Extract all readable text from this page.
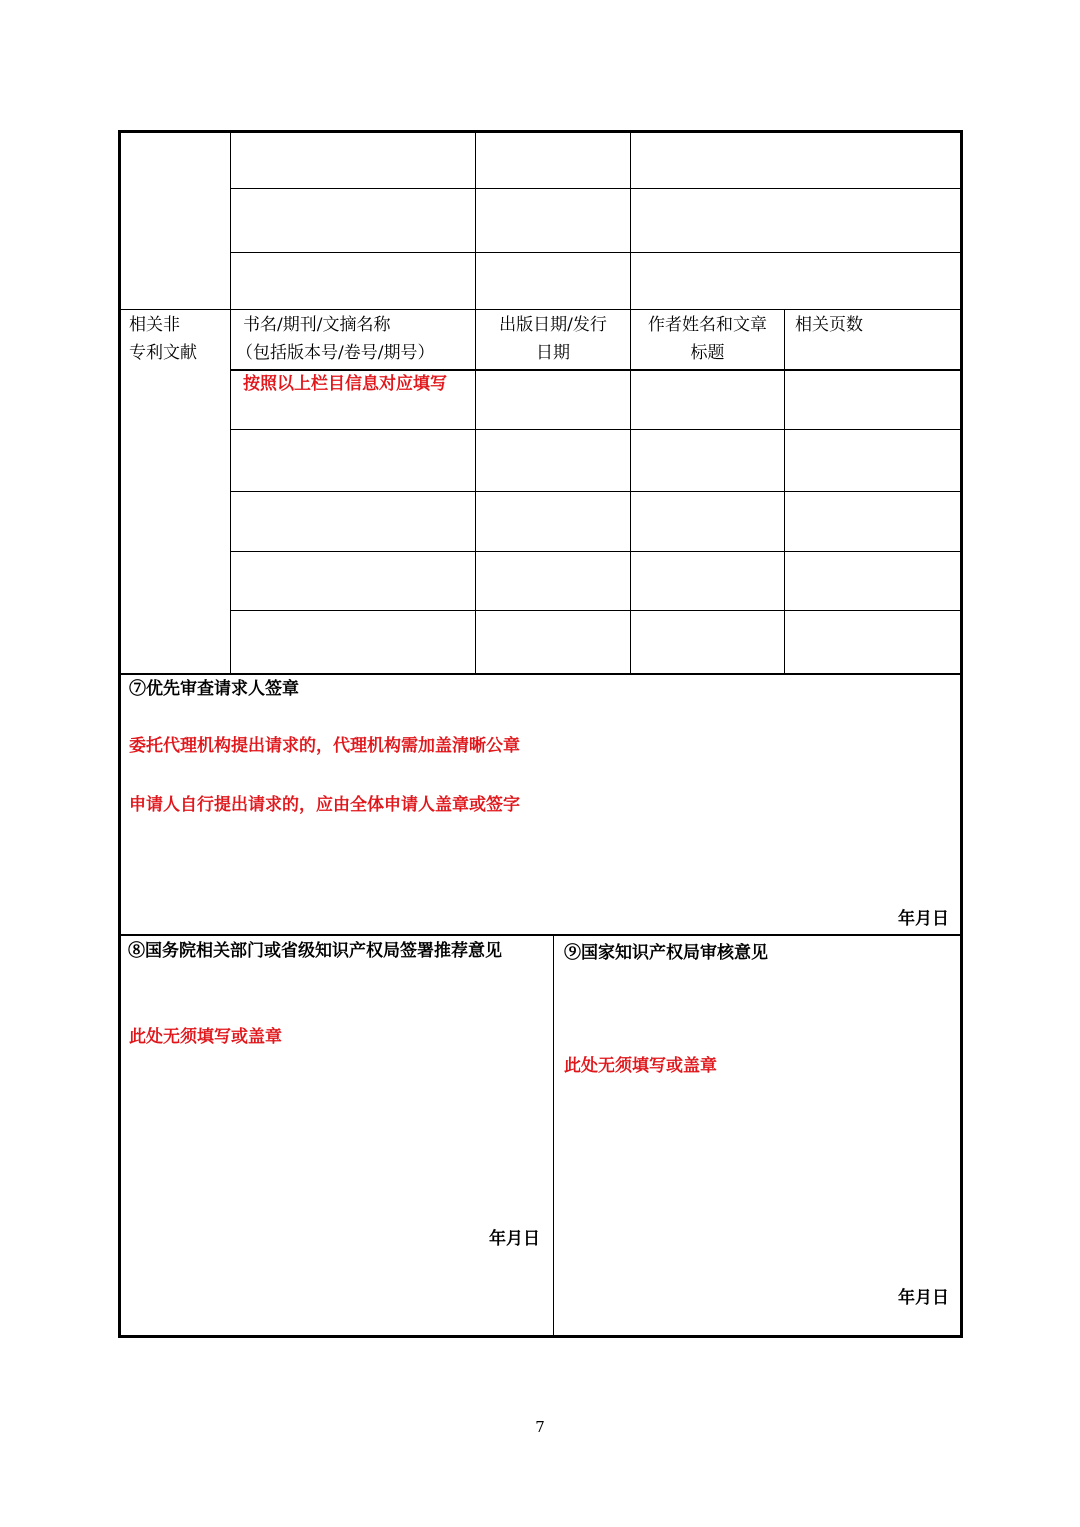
相关非
专利文献
书名/期刊/文摘名称
（包括版本号/卷号/期号）
出版日期/发行
日期
作者姓名和文章
标题
相关页数
按照以上栏目信息对应填写
⑦优先审查请求人签章
委托代理机构提出请求的，代理机构需加盖清晰公章
申请人自行提出请求的，应由全体申请人盖章或签字
年月日
⑧国务院相关部门或省级知识产权局签署推荐意见
此处无须填写或盖章
年月日
⑨国家知识产权局审核意见
此处无须填写或盖章
年月日
7
